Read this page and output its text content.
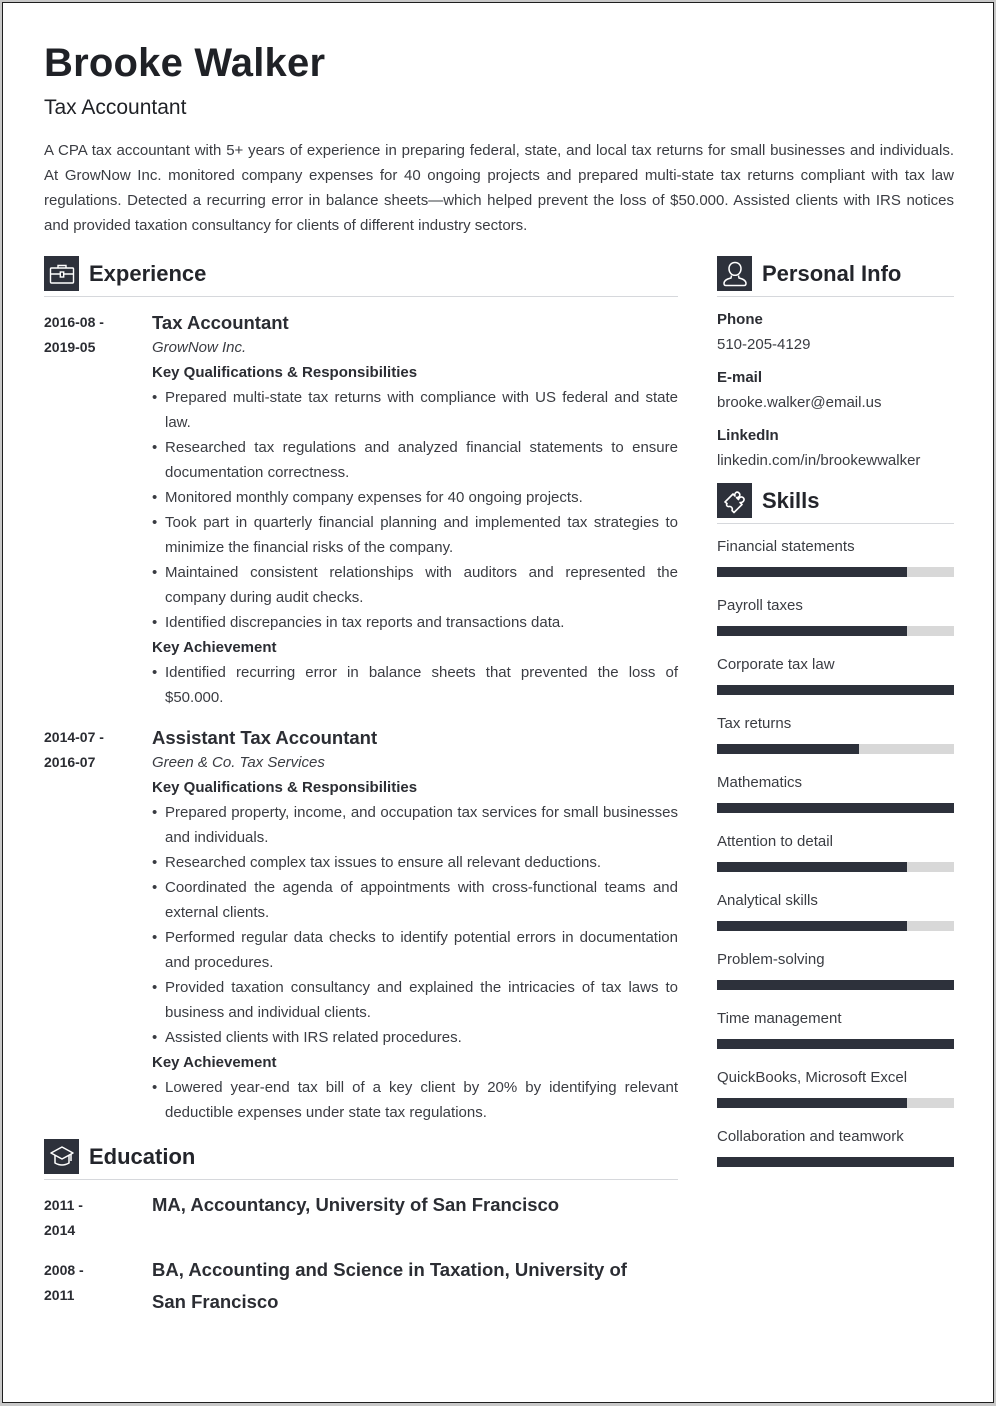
Brooke Walker
Tax Accountant
A CPA tax accountant with 5+ years of experience in preparing federal, state, and local tax returns for small businesses and individuals. At GrowNow Inc. monitored company expenses for 40 ongoing projects and prepared multi-state tax returns compliant with tax law regulations. Detected a recurring error in balance sheets—which helped prevent the loss of $50.000. Assisted clients with IRS notices and provided taxation consultancy for clients of different industry sectors.
Experience
2016-08 -
2019-05
Tax Accountant
GrowNow Inc.
Key Qualifications & Responsibilities
• Prepared multi-state tax returns with compliance with US federal and state law.
• Researched tax regulations and analyzed financial statements to ensure documentation correctness.
• Monitored monthly company expenses for 40 ongoing projects.
• Took part in quarterly financial planning and implemented tax strategies to minimize the financial risks of the company.
• Maintained consistent relationships with auditors and represented the company during audit checks.
• Identified discrepancies in tax reports and transactions data.
Key Achievement
• Identified recurring error in balance sheets that prevented the loss of $50.000.
2014-07 -
2016-07
Assistant Tax Accountant
Green & Co. Tax Services
Key Qualifications & Responsibilities
• Prepared property, income, and occupation tax services for small businesses and individuals.
• Researched complex tax issues to ensure all relevant deductions.
• Coordinated the agenda of appointments with cross-functional teams and external clients.
• Performed regular data checks to identify potential errors in documentation and procedures.
• Provided taxation consultancy and explained the intricacies of tax laws to business and individual clients.
• Assisted clients with IRS related procedures.
Key Achievement
• Lowered year-end tax bill of a key client by 20% by identifying relevant deductible expenses under state tax regulations.
Education
2011 -
2014
MA, Accountancy, University of San Francisco
2008 -
2011
BA, Accounting and Science in Taxation, University of San Francisco
Personal Info
Phone
510-205-4129
E-mail
brooke.walker@email.us
LinkedIn
linkedin.com/in/brookewwalker
Skills
Financial statements
Payroll taxes
Corporate tax law
Tax returns
Mathematics
Attention to detail
Analytical skills
Problem-solving
Time management
QuickBooks, Microsoft Excel
Collaboration and teamwork
